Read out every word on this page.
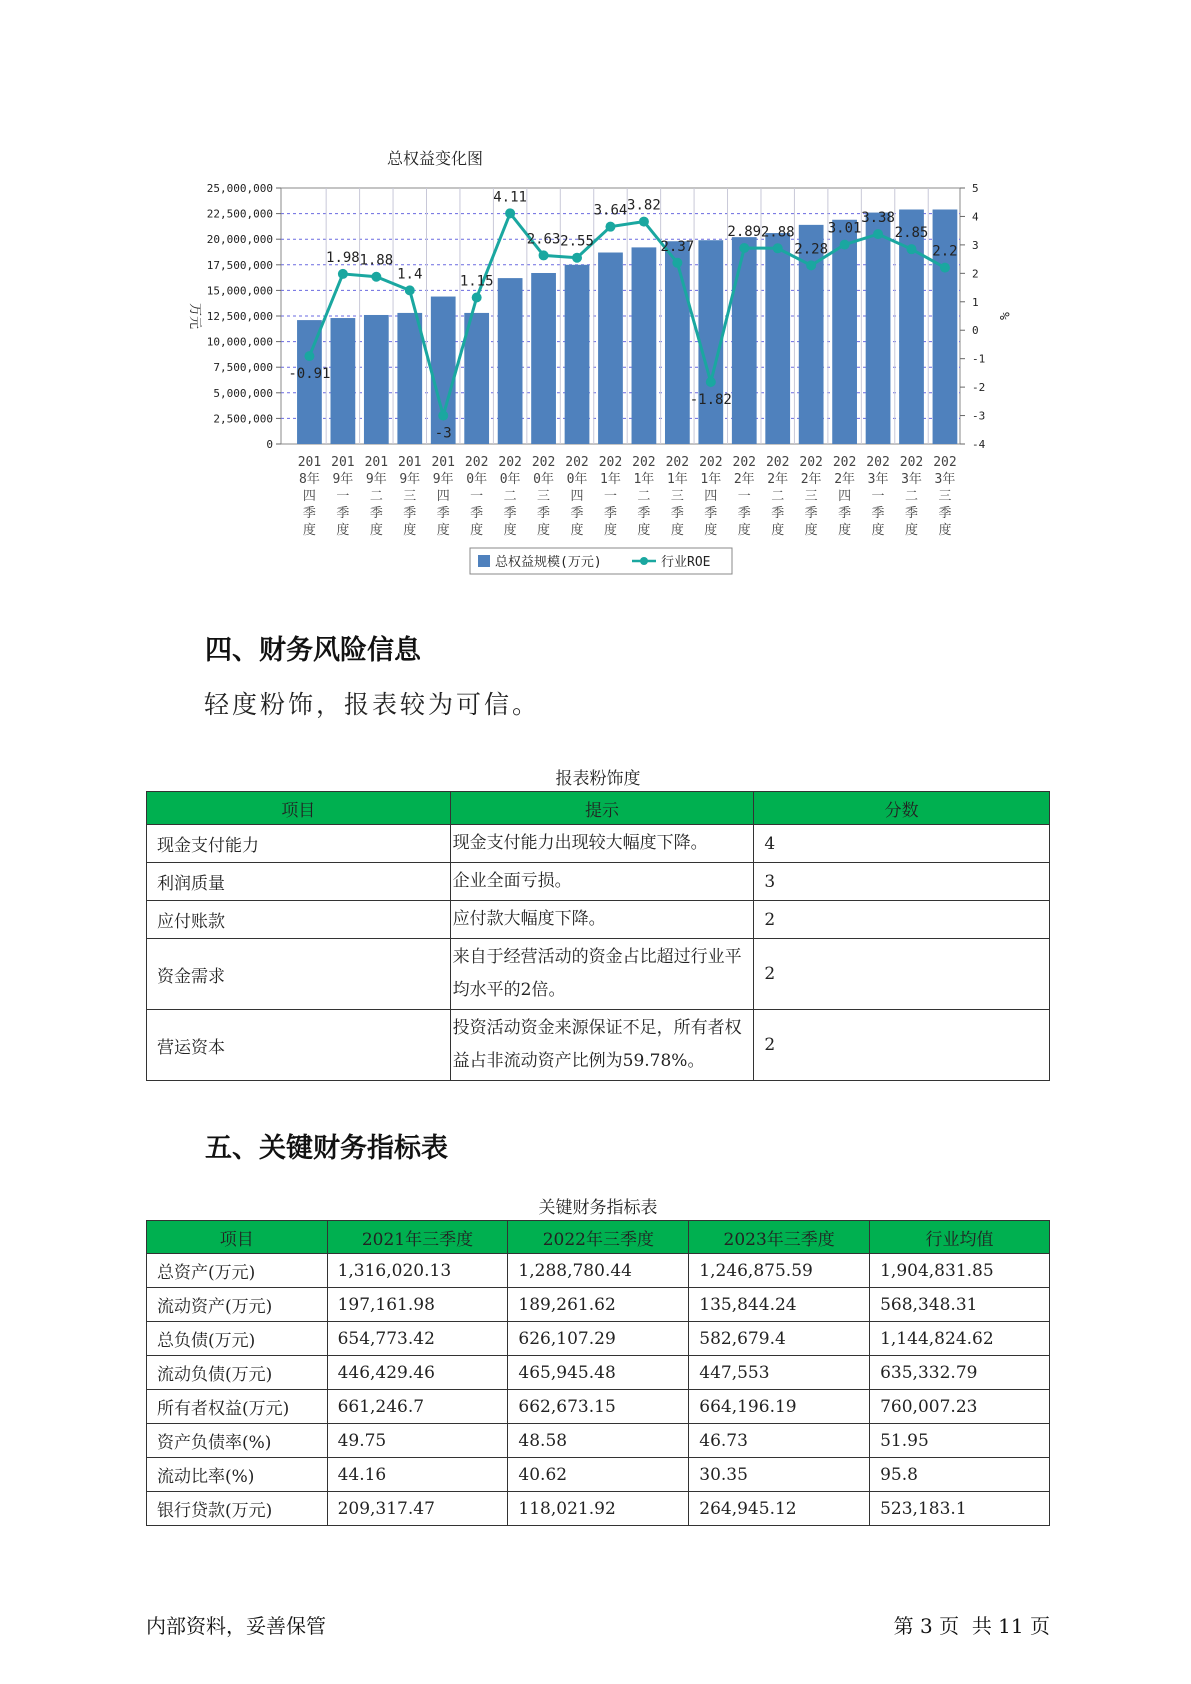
总权益变化图
0
2,500,000
5,000,000
7,500,000
10,000,000
12,500,000
15,000,000
17,500,000
20,000,000
22,500,000
25,000,000
-4
-3
-2
-1
0
1
2
3
4
5
万元	%
-0.91
1.98 1.88
1.4
-3
1.15
4.11
2.63 2.55
3.64 3.82
2.37
-1.82
2.89 2.88
2.28
3.01
3.38
2.85
2.2
201
8年
四
季
度
201
9年
一
季
度
201
9年
二
季
度
201
9年
三
季
度
201
9年
四
季
度
202
0年
一
季
度
202
0年
二
季
度
202
0年
三
季
度
202
0年
四
季
度
202
1年
一
季
度
202
1年
二
季
度
202
1年
三
季
度
202
1年
四
季
度
202
2年
一
季
度
202
2年
二
季
度
202
2年
三
季
度
202
2年
四
季
度
202
3年
一
季
度
202
3年
二
季
度
202
3年
三
季
度
总权益规模(万元)	行业ROE
四、财务风险信息

轻度粉饰，报表较为可信。

报表粉饰度
项目	提示	分数
现金支付能力	现金支付能力出现较大幅度下降。	4
利润质量	企业全面亏损。	3
应付账款	应付款大幅度下降。	2
资金需求	来自于经营活动的资金占比超过行业平均水平的2倍。	2
营运资本	投资活动资金来源保证不足，所有者权益占非流动资产比例为59.78%。	2
五、关键财务指标表
关键财务指标表
项目	2021年三季度	2022年三季度	2023年三季度	行业均值
总资产(万元)	1,316,020.13	1,288,780.44	1,246,875.59	1,904,831.85
流动资产(万元)	197,161.98	189,261.62	135,844.24	568,348.31
总负债(万元)	654,773.42	626,107.29	582,679.4	1,144,824.62
流动负债(万元)	446,429.46	465,945.48	447,553	635,332.79
所有者权益(万元)	661,246.7	662,673.15	664,196.19	760,007.23
资产负债率(%)	49.75	48.58	46.73	51.95
流动比率(%)	44.16	40.62	30.35	95.8
银行贷款(万元)	209,317.47	118,021.92	264,945.12	523,183.1
内部资料，妥善保管	第 3 页  共 11 页
